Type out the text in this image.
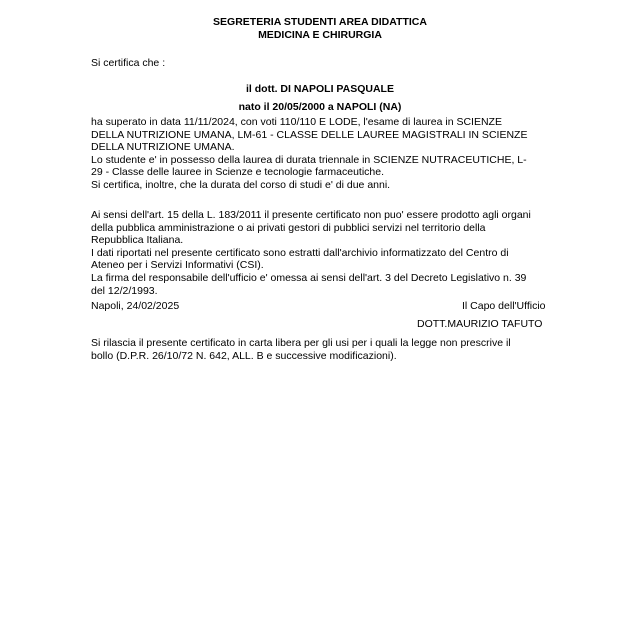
SEGRETERIA STUDENTI AREA DIDATTICA
MEDICINA E CHIRURGIA
Si certifica che :
il dott. DI NAPOLI PASQUALE
nato il 20/05/2000 a NAPOLI (NA)
ha superato in data 11/11/2024, con voti 110/110 E LODE, l'esame di laurea in SCIENZE
DELLA NUTRIZIONE UMANA, LM-61 - CLASSE DELLE LAUREE MAGISTRALI IN SCIENZE
DELLA NUTRIZIONE UMANA.
Lo studente e' in possesso della laurea di durata triennale in SCIENZE NUTRACEUTICHE, L-
29 - Classe delle lauree in Scienze e tecnologie farmaceutiche.
Si certifica, inoltre, che la durata del corso di studi e' di due anni.
Ai sensi dell'art. 15 della L. 183/2011 il presente certificato non puo' essere prodotto agli organi
della pubblica amministrazione o ai privati gestori di pubblici servizi nel territorio della
Repubblica Italiana.
I dati riportati nel presente certificato sono estratti dall'archivio informatizzato del Centro di
Ateneo per i Servizi Informativi (CSI).
La firma del responsabile dell'ufficio e' omessa ai sensi dell'art. 3 del Decreto Legislativo n. 39
del 12/2/1993.
Napoli, 24/02/2025	Il Capo dell'Ufficio
DOTT.MAURIZIO TAFUTO
Si rilascia il presente certificato in carta libera per gli usi per i quali la legge non prescrive il
bollo (D.P.R. 26/10/72 N. 642, ALL. B e successive modificazioni).
